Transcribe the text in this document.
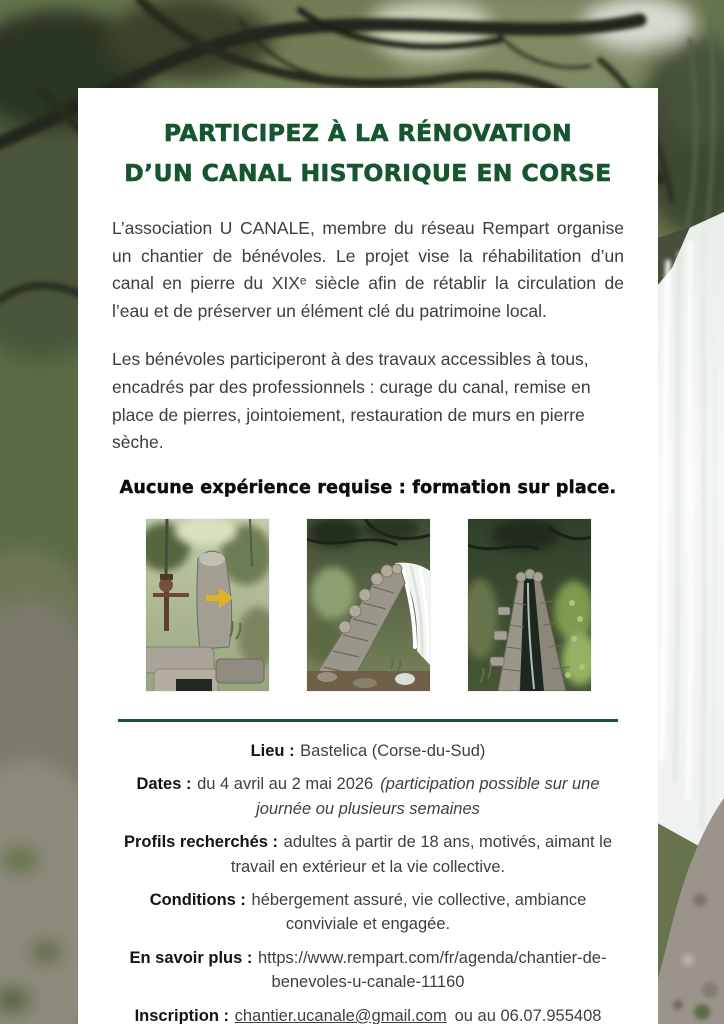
PARTICIPEZ À LA RÉNOVATION
D’UN CANAL HISTORIQUE EN CORSE

L’association U CANALE, membre du réseau Rempart organise un chantier de bénévoles. Le projet vise la réhabilitation d’un canal en pierre du XIXᵉ siècle afin de rétablir la circulation de l’eau et de préserver un élément clé du patrimoine local.

Les bénévoles participeront à des travaux accessibles à tous, encadrés par des professionnels : curage du canal, remise en place de pierres, jointoiement, restauration de murs en pierre sèche.

Aucune expérience requise : formation sur place.

Lieu : Bastelica (Corse-du-Sud)

Dates : du 4 avril au 2 mai 2026 (participation possible sur une journée ou plusieurs semaines

Profils recherchés : adultes à partir de 18 ans, motivés, aimant le travail en extérieur et la vie collective.

Conditions : hébergement assuré, vie collective, ambiance conviviale et engagée.

En savoir plus : https://www.rempart.com/fr/agenda/chantier-de-benevoles-u-canale-11160

Inscription : chantier.ucanale@gmail.com ou au 06.07.955408
